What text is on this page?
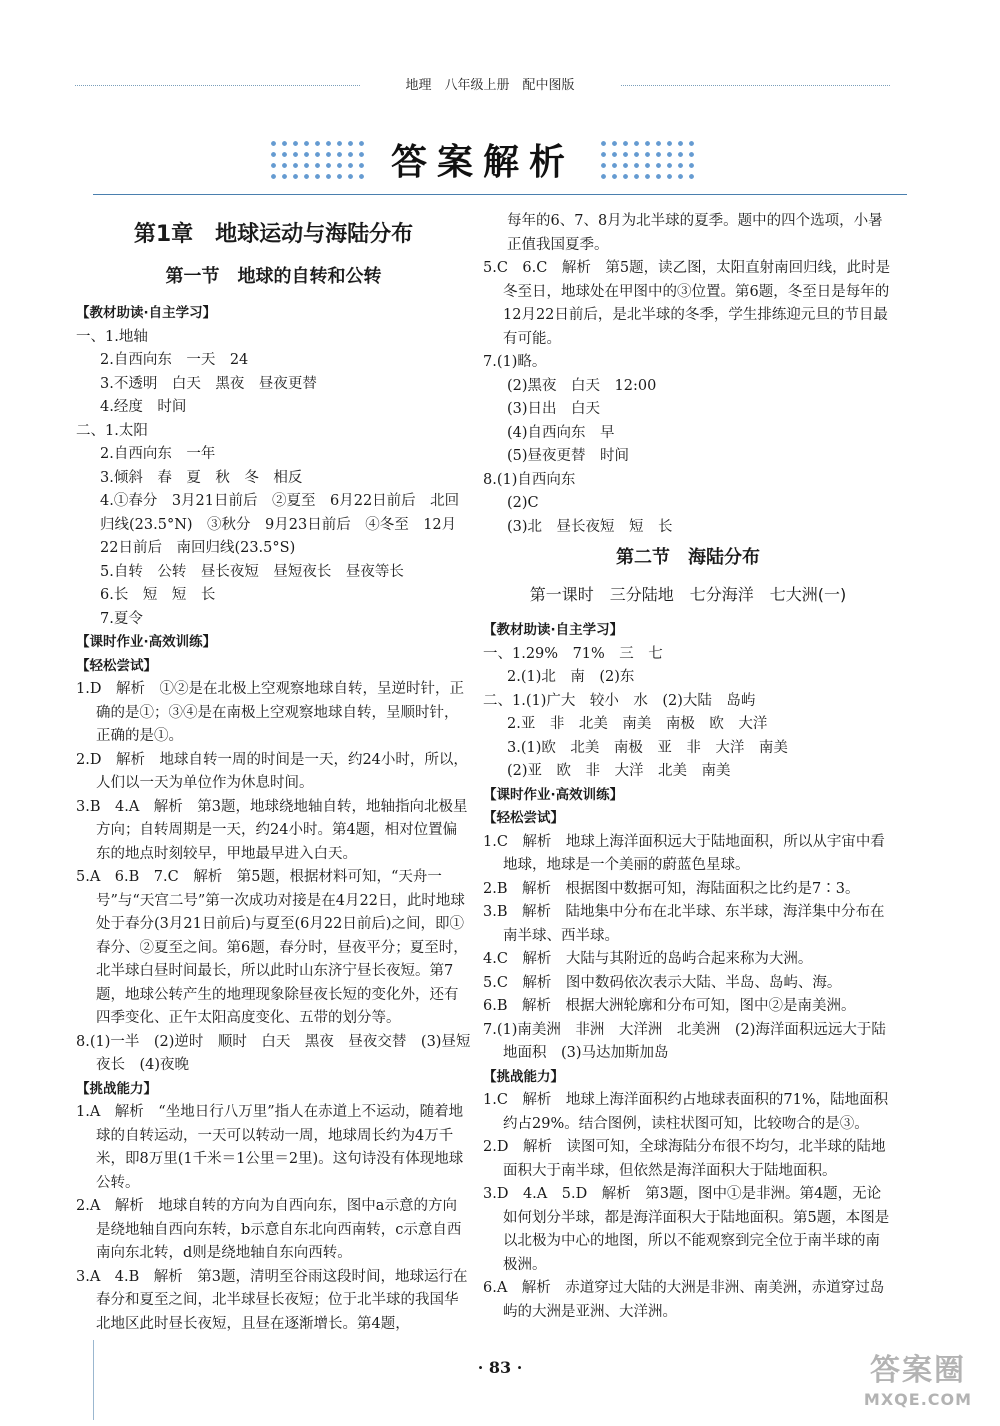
地理　八年级上册　配中图版
答案解析
第1章　地球运动与海陆分布
第一节　地球的自转和公转
【教材助读·自主学习】
一、1.地轴
2.自西向东　一天　24
3.不透明　白天　黑夜　昼夜更替
4.经度　时间
二、1.太阳
2.自西向东　一年
3.倾斜　春　夏　秋　冬　相反
4.①春分　3月21日前后　②夏至　6月22日前后　北回归线(23.5°N)　③秋分　9月23日前后　④冬至　12月22日前后　南回归线(23.5°S)
5.自转　公转　昼长夜短　昼短夜长　昼夜等长
6.长　短　短　长
7.夏令
【课时作业·高效训练】
【轻松尝试】
1.D　解析　①②是在北极上空观察地球自转，呈逆时针，正确的是①；③④是在南极上空观察地球自转，呈顺时针，正确的是①。
2.D　解析　地球自转一周的时间是一天，约24小时，所以，人们以一天为单位作为休息时间。
3.B　4.A　解析　第3题，地球绕地轴自转，地轴指向北极星方向；自转周期是一天，约24小时。第4题，相对位置偏东的地点时刻较早，甲地最早进入白天。
5.A　6.B　7.C　解析　第5题，根据材料可知，“天舟一号”与“天宫二号”第一次成功对接是在4月22日，此时地球处于春分(3月21日前后)与夏至(6月22日前后)之间，即①春分、②夏至之间。第6题，春分时，昼夜平分；夏至时，北半球白昼时间最长，所以此时山东济宁昼长夜短。第7题，地球公转产生的地理现象除昼夜长短的变化外，还有四季变化、正午太阳高度变化、五带的划分等。
8.(1)一半　(2)逆时　顺时　白天　黑夜　昼夜交替　(3)昼短夜长　(4)夜晚
【挑战能力】
1.A　解析　“坐地日行八万里”指人在赤道上不运动，随着地球的自转运动，一天可以转动一周，地球周长约为4万千米，即8万里(1千米＝1公里＝2里)。这句诗没有体现地球公转。
2.A　解析　地球自转的方向为自西向东，图中a示意的方向是绕地轴自西向东转，b示意自东北向西南转，c示意自西南向东北转，d则是绕地轴自东向西转。
3.A　4.B　解析　第3题，清明至谷雨这段时间，地球运行在春分和夏至之间，北半球昼长夜短；位于北半球的我国华北地区此时昼长夜短，且昼在逐渐增长。第4题，
每年的6、7、8月为北半球的夏季。题中的四个选项，小暑正值我国夏季。
5.C　6.C　解析　第5题，读乙图，太阳直射南回归线，此时是冬至日，地球处在甲图中的③位置。第6题，冬至日是每年的12月22日前后，是北半球的冬季，学生排练迎元旦的节目最有可能。
7.(1)略。
(2)黑夜　白天　12:00
(3)日出　白天
(4)自西向东　早
(5)昼夜更替　时间
8.(1)自西向东
(2)C
(3)北　昼长夜短　短　长
第二节　海陆分布
第一课时　三分陆地　七分海洋　七大洲(一)
【教材助读·自主学习】
一、1.29%　71%　三　七
2.(1)北　南　(2)东
二、1.(1)广大　较小　水　(2)大陆　岛屿
2.亚　非　北美　南美　南极　欧　大洋
3.(1)欧　北美　南极　亚　非　大洋　南美
(2)亚　欧　非　大洋　北美　南美
【课时作业·高效训练】
【轻松尝试】
1.C　解析　地球上海洋面积远大于陆地面积，所以从宇宙中看地球，地球是一个美丽的蔚蓝色星球。
2.B　解析　根据图中数据可知，海陆面积之比约是7∶3。
3.B　解析　陆地集中分布在北半球、东半球，海洋集中分布在南半球、西半球。
4.C　解析　大陆与其附近的岛屿合起来称为大洲。
5.C　解析　图中数码依次表示大陆、半岛、岛屿、海。
6.B　解析　根据大洲轮廓和分布可知，图中②是南美洲。
7.(1)南美洲　非洲　大洋洲　北美洲　(2)海洋面积远远大于陆地面积　(3)马达加斯加岛
【挑战能力】
1.C　解析　地球上海洋面积约占地球表面积的71%，陆地面积约占29%。结合图例，读柱状图可知，比较吻合的是③。
2.D　解析　读图可知，全球海陆分布很不均匀，北半球的陆地面积大于南半球，但依然是海洋面积大于陆地面积。
3.D　4.A　5.D　解析　第3题，图中①是非洲。第4题，无论如何划分半球，都是海洋面积大于陆地面积。第5题，本图是以北极为中心的地图，所以不能观察到完全位于南半球的南极洲。
6.A　解析　赤道穿过大陆的大洲是非洲、南美洲，赤道穿过岛屿的大洲是亚洲、大洋洲。
· 83 ·	答案圈
MXQE.COM
